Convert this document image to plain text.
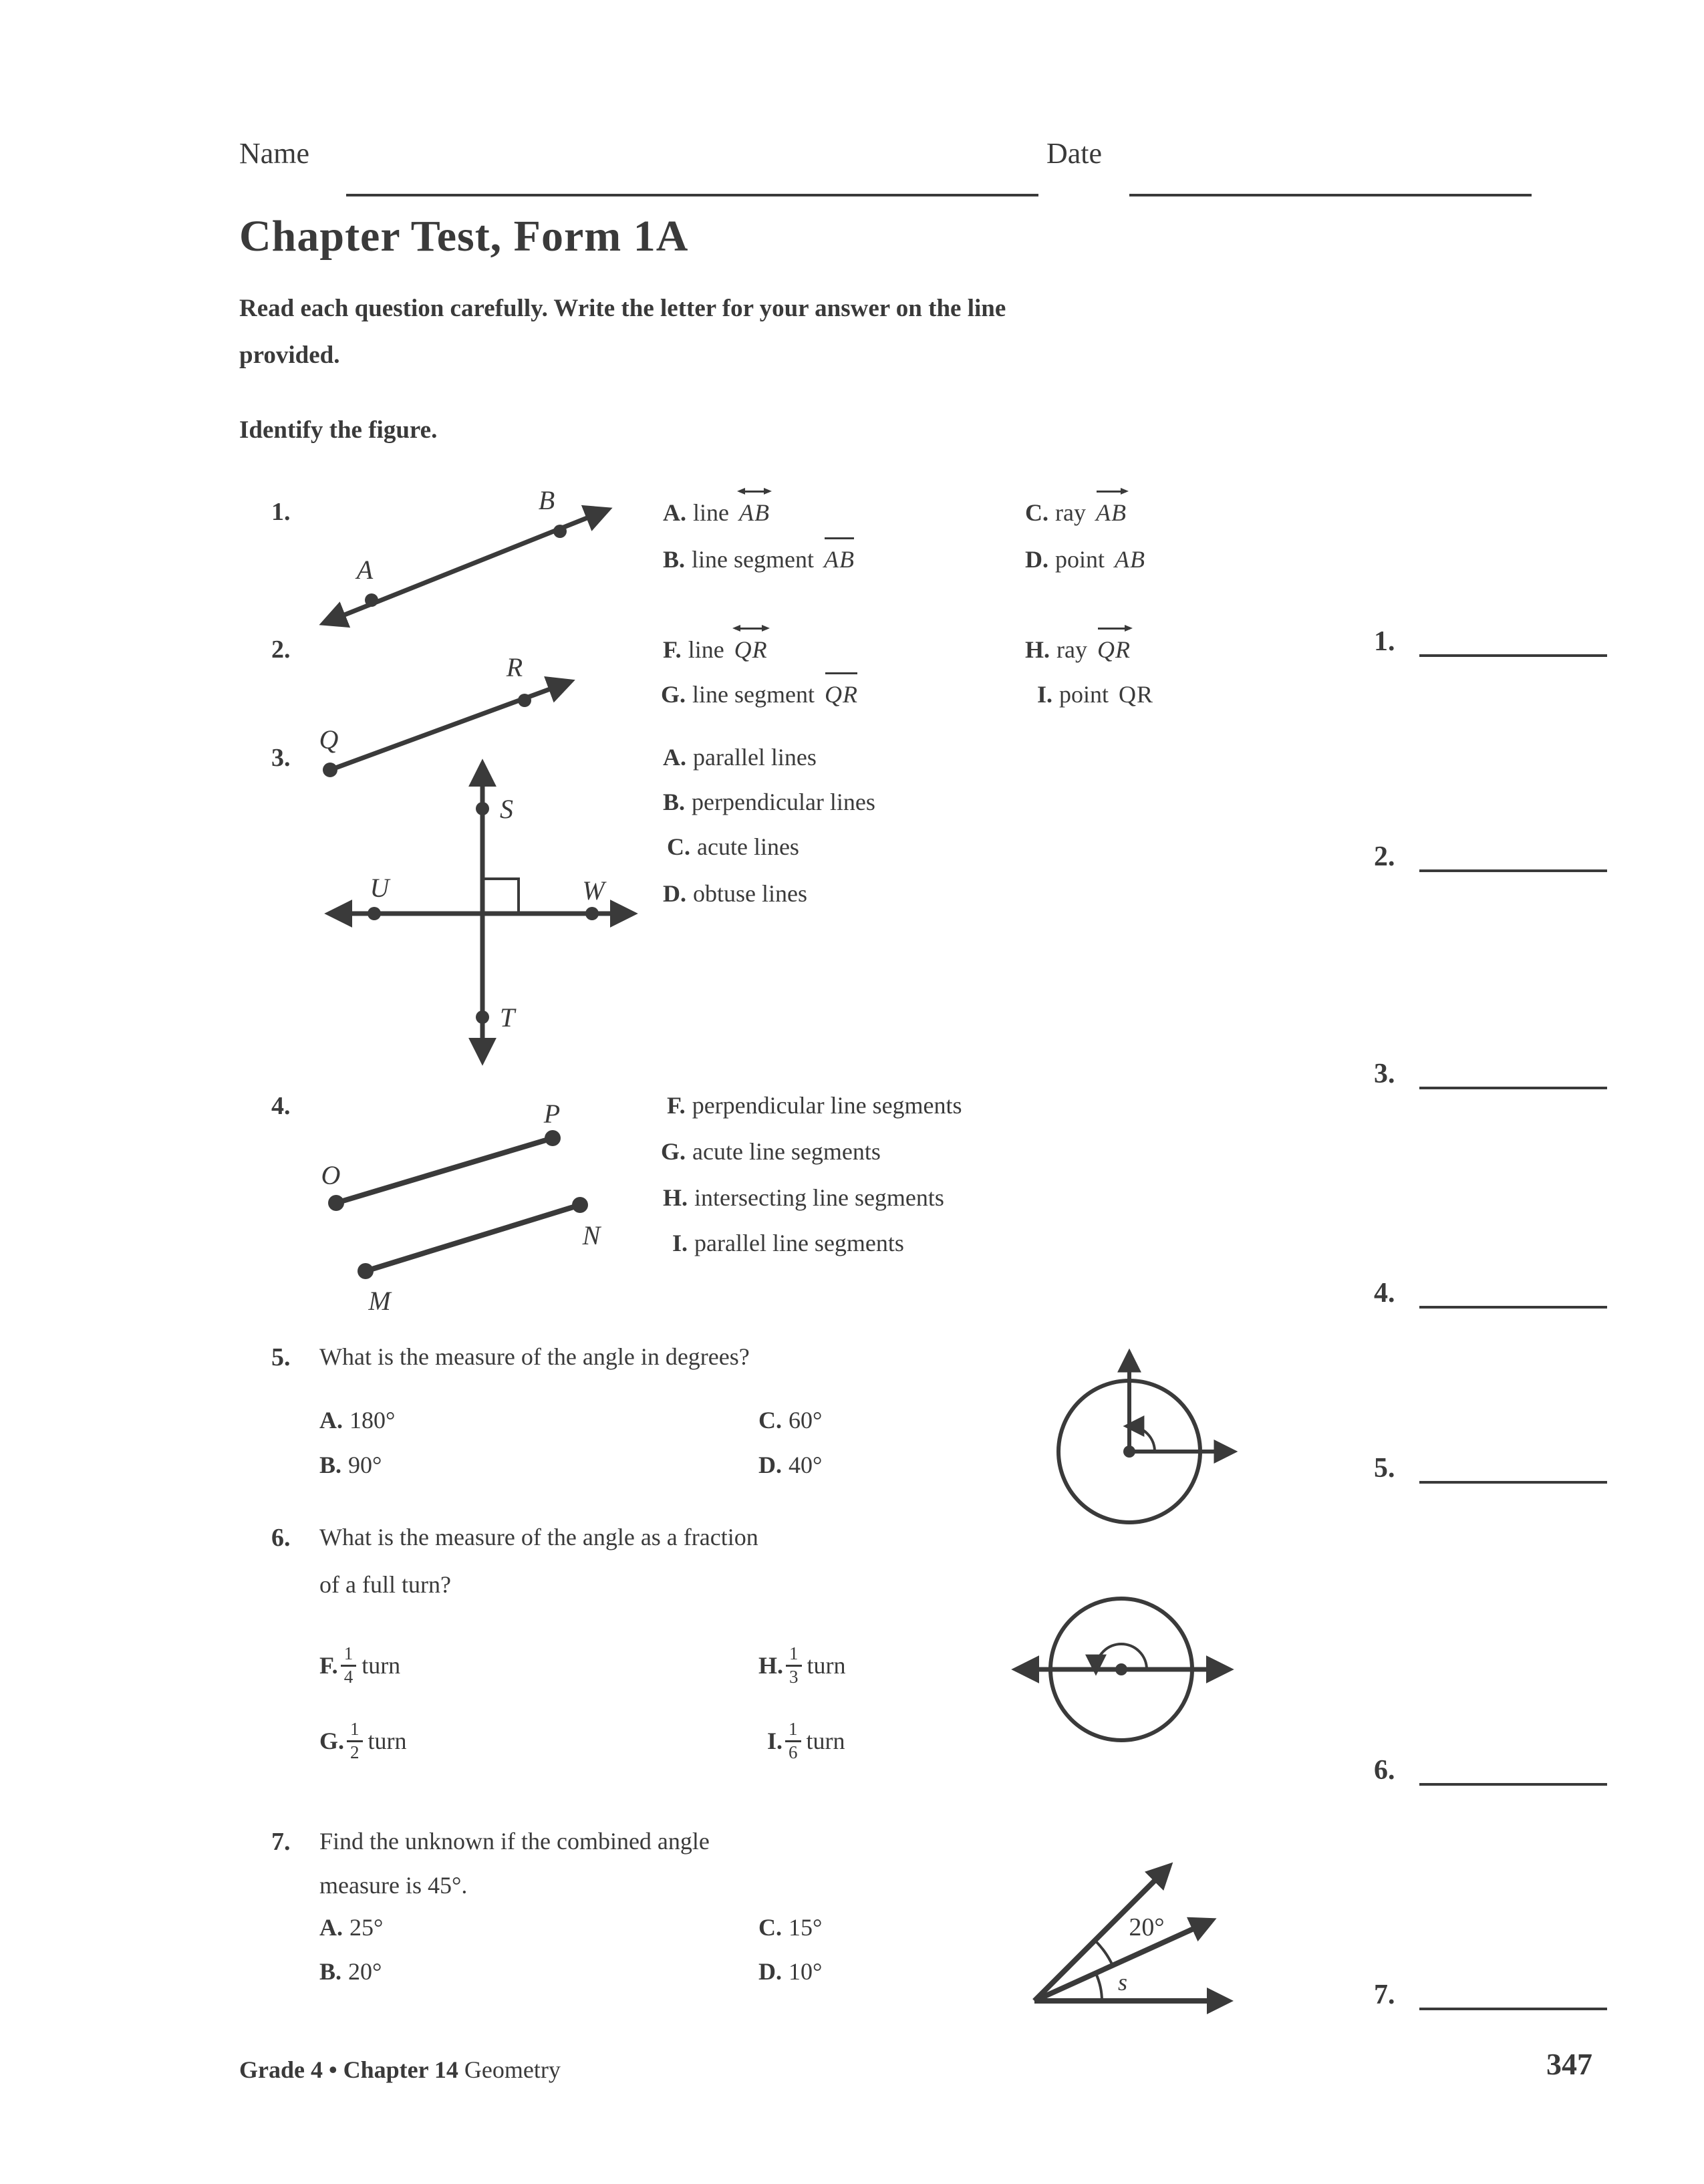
Name	Date
Chapter Test, Form 1A
Read each question carefully. Write the letter for your answer on the line
provided.
Identify the figure.
1.
A
B	A. line AB	C. ray AB
B. line segment AB	D. point AB
2.
Q
R
F. line QR	H. ray QR
G. line segment QR	I. point QR
3.
S
U	W
T
A. parallel lines
B. perpendicular lines
C. acute lines
D. obtuse lines
4.
O
P
M
N
F. perpendicular line segments
G. acute line segments
H. intersecting line segments
I. parallel line segments
5. What is the measure of the angle in degrees?
A. 180°	C. 60°
B. 90°	D. 40°
6. What is the measure of the angle as a fraction
of a full turn?
F. $\frac{1}{4}$ turn	H. $\frac{1}{3}$ turn
G. $\frac{1}{2}$ turn	I. $\frac{1}{6}$ turn
7. Find the unknown if the combined angle
measure is 45°.
A. 25°	C. 15°
B. 20°	D. 10°
20°
s
1.
2.
3.
4.
5.
6.
7.
Grade 4 • Chapter 14 Geometry	347
